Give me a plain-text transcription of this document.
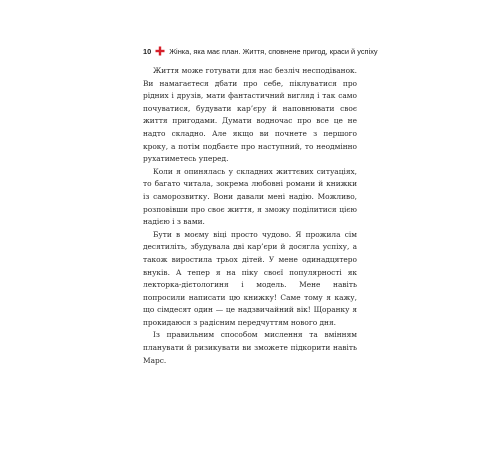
10 Жінка, яка має план. Життя, сповнене пригод, краси й успіху

Життя може готувати для нас безліч несподіванок. Ви намагаєтеся дбати про себе, піклуватися про рідних і друзів, мати фантастичний вигляд і так само почуватися, будувати кар’єру й наповнювати своє життя пригодами. Думати водночас про все це не надто складно. Але якщо ви почнете з першого кроку, а потім подбаєте про наступний, то неодмінно рухатиметесь уперед.

Коли я опинялась у складних життєвих ситуаціях, то багато читала, зокрема любовні романи й книжки із саморозвитку. Вони давали мені надію. Можливо, розповівши про своє життя, я зможу поділитися цією надією і з вами.

Бути в моєму віці просто чудово. Я прожила сім десятиліть, збудувала дві кар’єри й досягла успіху, а також виростила трьох дітей. У мене одинадцятеро внуків. А тепер я на піку своєї популярності як лекторка-дієтологиня і модель. Мене навіть попросили написати цю книжку! Саме тому я кажу, що сімдесят один — це надзвичайний вік! Щоранку я прокидаюся з радісним передчуттям нового дня.

Із правильним способом мислення та вмінням планувати й ризикувати ви зможете підкорити навіть Марс.
